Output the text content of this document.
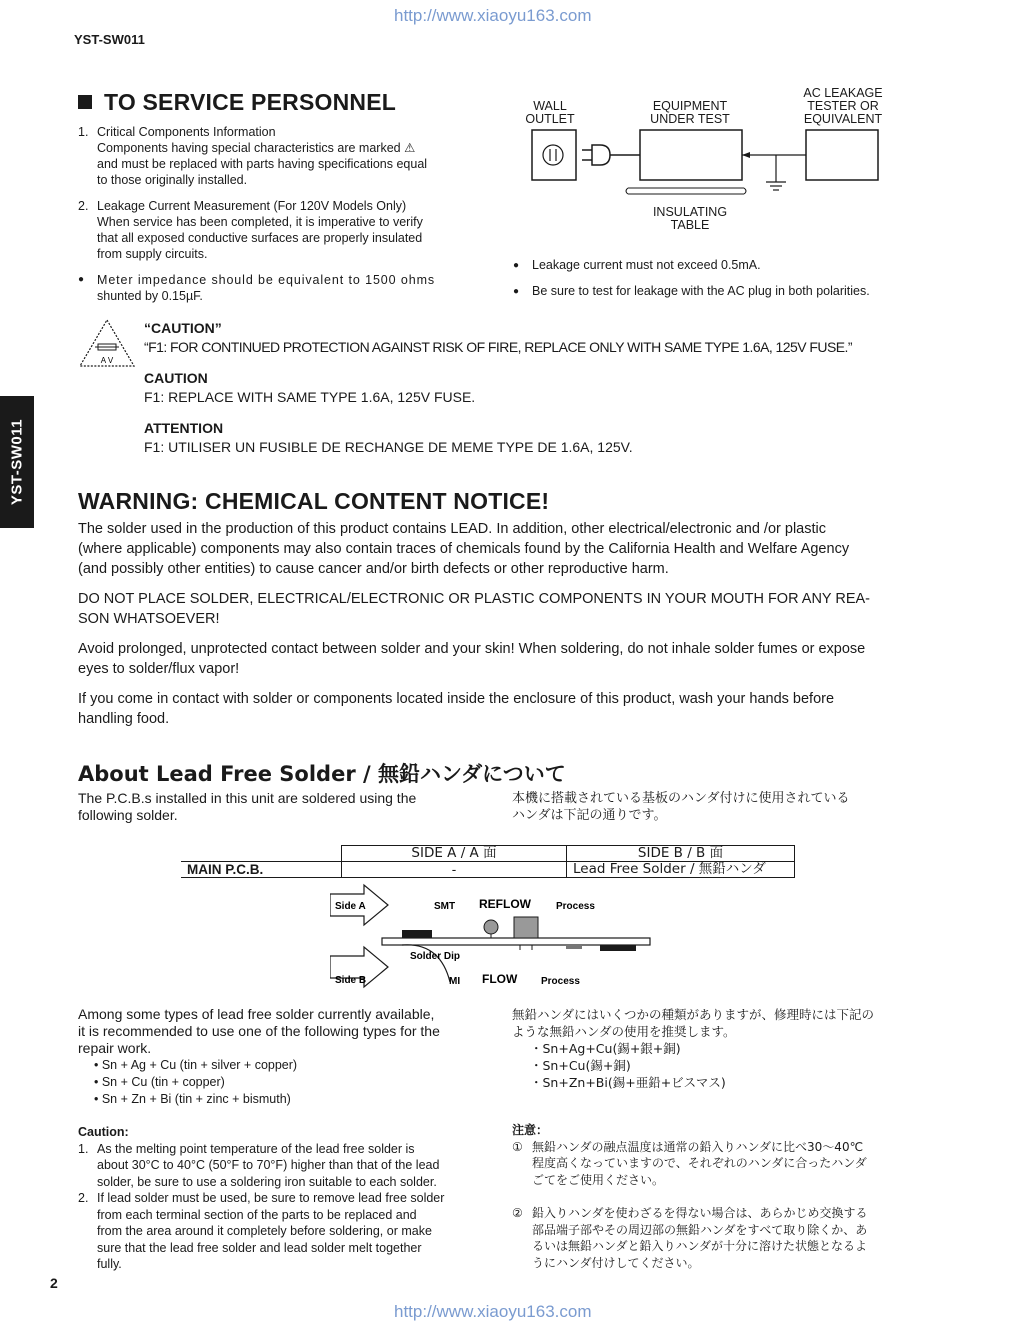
http://www.xiaoyu163.com
YST-SW011
YST-SW011
TO SERVICE PERSONNEL
1. Critical Components Information
Components having special characteristics are marked ⚠
and must be replaced with parts having specifications equal
to those originally installed.
2. Leakage Current Measurement (For 120V Models Only)
When service has been completed, it is imperative to verify
that all exposed conductive surfaces are properly insulated
from supply circuits.
● Meter impedance should be equivalent to 1500 ohms
shunted by 0.15µF.
WALL
OUTLET
EQUIPMENT
UNDER TEST
AC LEAKAGE
TESTER OR
EQUIVALENT
INSULATING
TABLE
● Leakage current must not exceed 0.5mA.
● Be sure to test for leakage with the AC plug in both polarities.
A V
“CAUTION”
“F1: FOR CONTINUED PROTECTION AGAINST RISK OF FIRE, REPLACE ONLY WITH SAME TYPE 1.6A, 125V FUSE.”
CAUTION
F1: REPLACE WITH SAME TYPE 1.6A, 125V FUSE.
ATTENTION
F1: UTILISER UN FUSIBLE DE RECHANGE DE MEME TYPE DE 1.6A, 125V.
WARNING: CHEMICAL CONTENT NOTICE!
The solder used in the production of this product contains LEAD. In addition, other electrical/electronic and /or plastic
(where applicable) components may also contain traces of chemicals found by the California Health and Welfare Agency
(and possibly other entities) to cause cancer and/or birth defects or other reproductive harm.
DO NOT PLACE SOLDER, ELECTRICAL/ELECTRONIC OR PLASTIC COMPONENTS IN YOUR MOUTH FOR ANY REA-
SON WHATSOEVER!
Avoid prolonged, unprotected contact between solder and your skin! When soldering, do not inhale solder fumes or expose
eyes to solder/flux vapor!
If you come in contact with solder or components located inside the enclosure of this product, wash your hands before
handling food.
About Lead Free Solder / 無鉛ハンダについて
The P.C.B.s installed in this unit are soldered using the
following solder.
本機に搭載されている基板のハンダ付けに使用されている
ハンダは下記の通りです。
	SIDE A / A 面	SIDE B / B 面
MAIN P.C.B.	-	Lead Free Solder / 無鉛ハンダ
Side A	SMT REFLOW	Process
Solder Dip
Side B	MI FLOW Process
Among some types of lead free solder currently available,
it is recommended to use one of the following types for the
repair work.
• Sn + Ag + Cu (tin + silver + copper)
• Sn + Cu (tin + copper)
• Sn + Zn + Bi (tin + zinc + bismuth)
無鉛ハンダにはいくつかの種類がありますが、修理時には下記の
ような無鉛ハンダの使用を推奨します。
・Sn+Ag+Cu(錫+銀+銅)
・Sn+Cu(錫+銅)
・Sn+Zn+Bi(錫+亜鉛+ビスマス)
Caution:
1. As the melting point temperature of the lead free solder is
about 30°C to 40°C (50°F to 70°F) higher than that of the lead
solder, be sure to use a soldering iron suitable to each solder.
2. If lead solder must be used, be sure to remove lead free solder
from each terminal section of the parts to be replaced and
from the area around it completely before soldering, or make
sure that the lead free solder and lead solder melt together
fully.
注意：
① 無鉛ハンダの融点温度は通常の鉛入りハンダに比べ30〜40℃
程度高くなっていますので、それぞれのハンダに合ったハンダ
ごてをご使用ください。
② 鉛入りハンダを使わざるを得ない場合は、あらかじめ交換する
部品端子部やその周辺部の無鉛ハンダをすべて取り除くか、あ
るいは無鉛ハンダと鉛入りハンダが十分に溶けた状態となるよ
うにハンダ付けしてください。
2
http://www.xiaoyu163.com
